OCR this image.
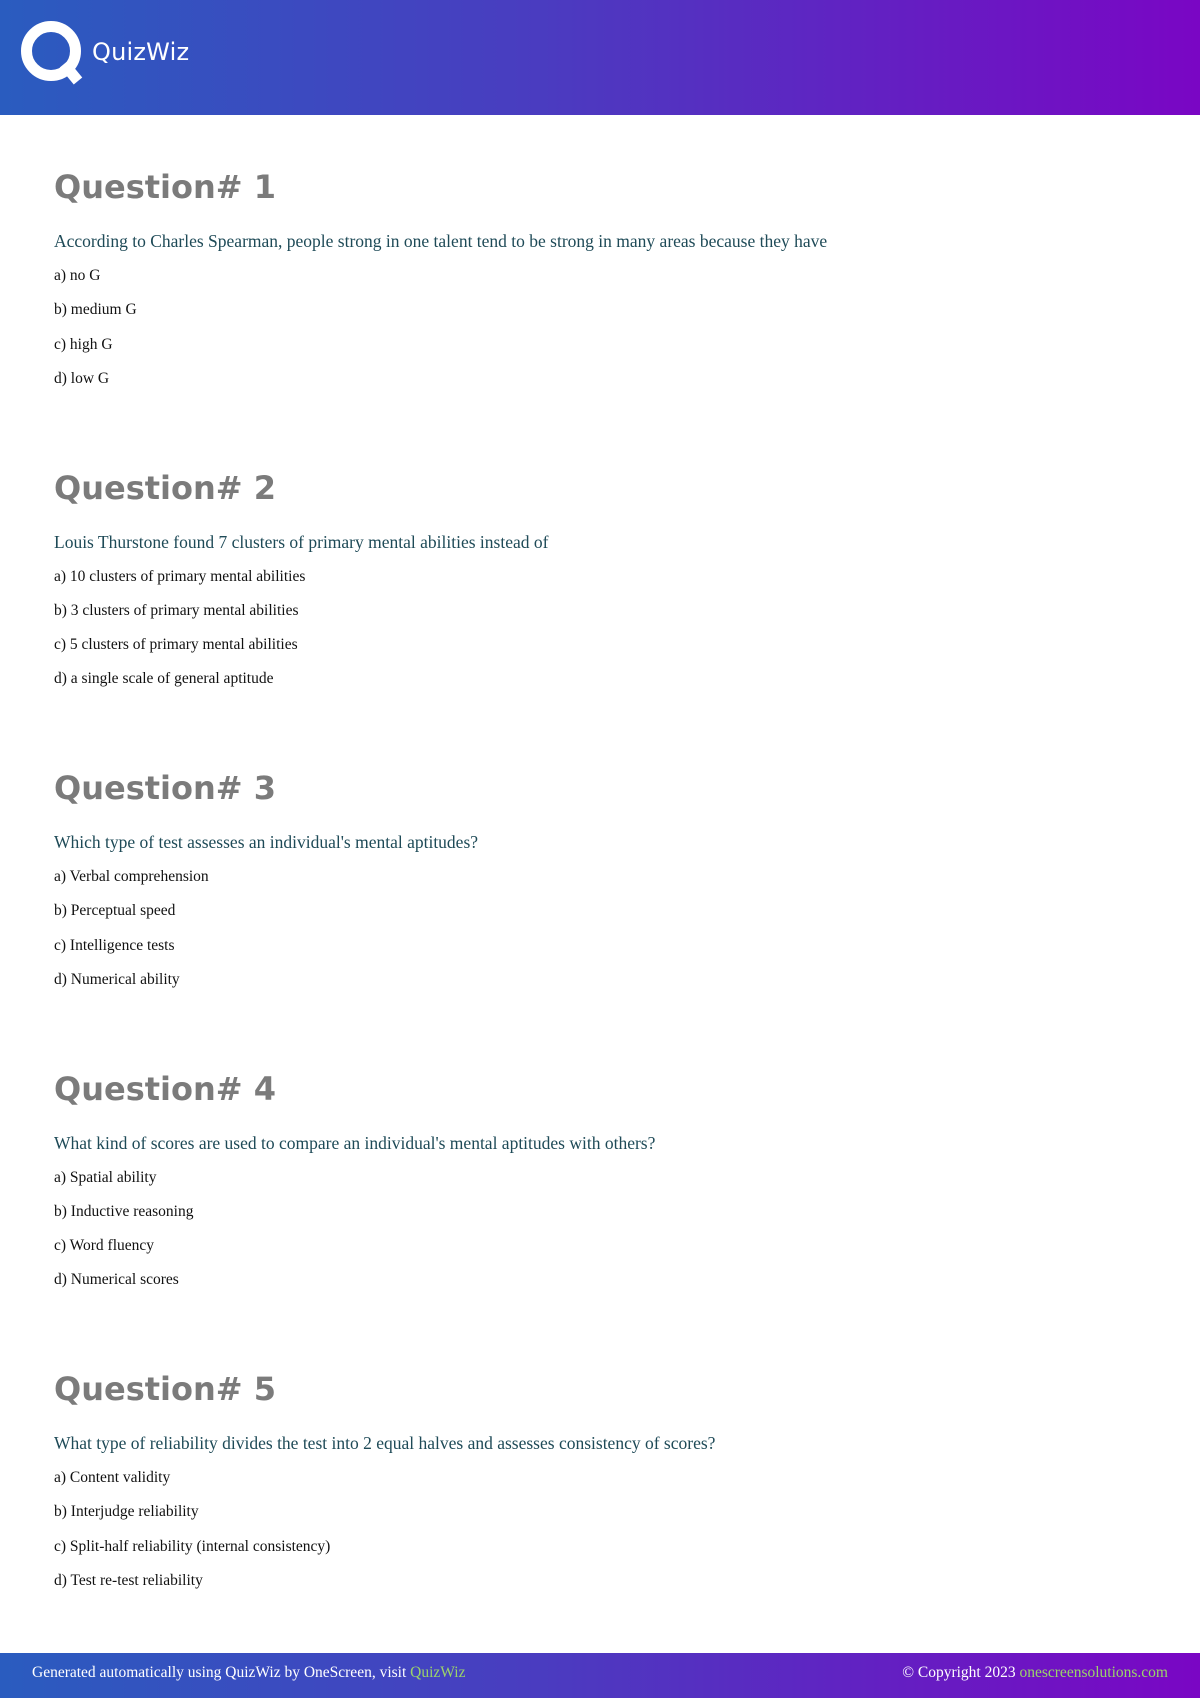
QuizWiz
Question# 1

According to Charles Spearman, people strong in one talent tend to be strong in many areas because they have

a) no G
b) medium G
c) high G
d) low G
Question# 2

Louis Thurstone found 7 clusters of primary mental abilities instead of

a) 10 clusters of primary mental abilities
b) 3 clusters of primary mental abilities
c) 5 clusters of primary mental abilities
d) a single scale of general aptitude
Question# 3

Which type of test assesses an individual's mental aptitudes?

a) Verbal comprehension
b) Perceptual speed
c) Intelligence tests
d) Numerical ability
Question# 4

What kind of scores are used to compare an individual's mental aptitudes with others?

a) Spatial ability
b) Inductive reasoning
c) Word fluency
d) Numerical scores
Question# 5

What type of reliability divides the test into 2 equal halves and assesses consistency of scores?

a) Content validity
b) Interjudge reliability
c) Split-half reliability (internal consistency)
d) Test re-test reliability
Generated automatically using QuizWiz by OneScreen, visit QuizWiz	© Copyright 2023 onescreensolutions.com
